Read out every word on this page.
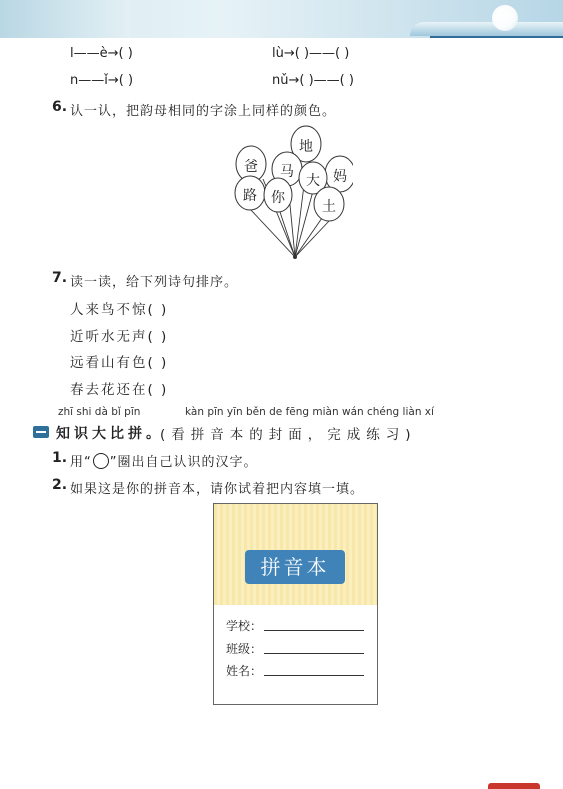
l——è→( )	lù→( )——( )
n——ǐ→( )	nǔ→( )——( )
6. 认一认，把韵母相同的字涂上同样的颜色。
地
爸 马	妈
大
路 你
土
7. 读一读，给下列诗句排序。
人来鸟不惊( )
近听水无声( )
远看山有色( )
春去花还在( )
zhī shi dà bǐ pīn	kàn pīn yīn běn de fēng miàn wán chéng liàn xí
知识大比拼。
(看拼音本的封面，完成练习)
1. 用“ ”圈出自己认识的汉字。
2. 如果这是你的拼音本，请你试着把内容填一填。
拼音本
学校：
班级：
姓名：
